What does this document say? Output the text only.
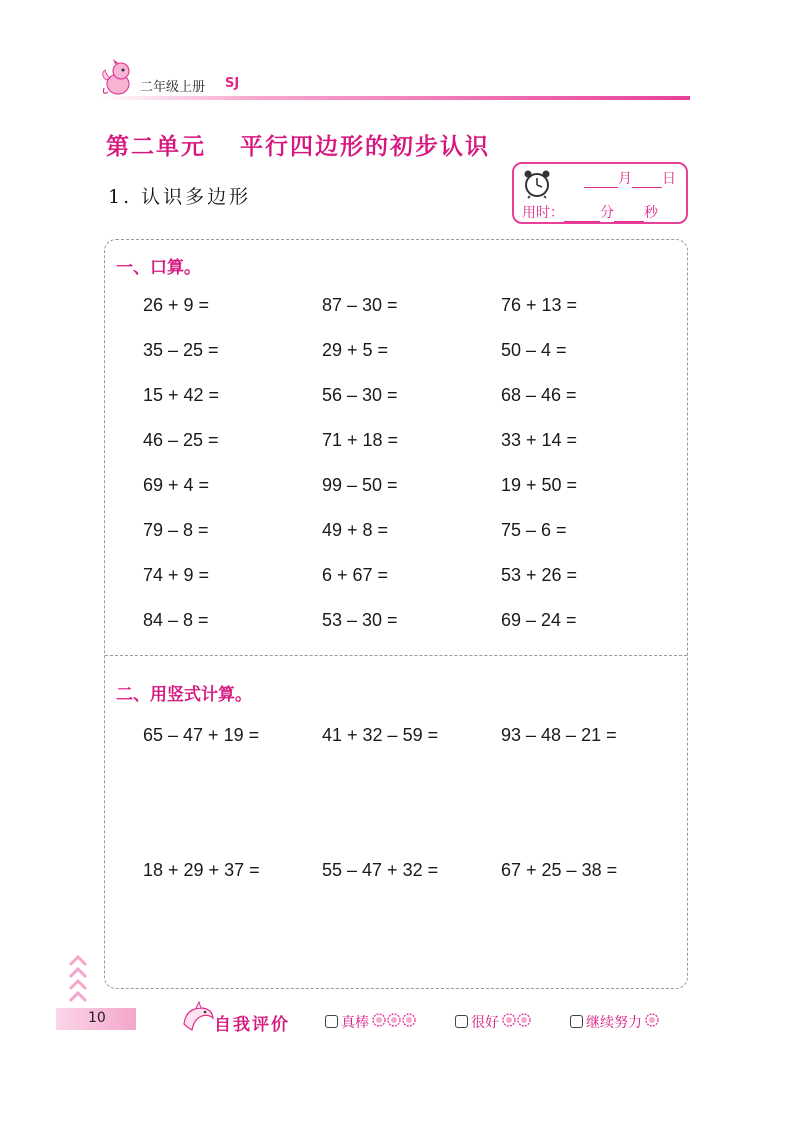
二年级上册 SJ
第二单元 平行四边形的初步认识
1. 认识多边形
月 日
用时：	分 秒
一、口算。
26 + 9 =	87 – 30 =	76 + 13 =
35 – 25 =	29 + 5 =	50 – 4 =
15 + 42 =	56 – 30 =	68 – 46 =
46 – 25 =	71 + 18 =	33 + 14 =
69 + 4 =	99 – 50 =	19 + 50 =
79 – 8 =	49 + 8 =	75 – 6 =
74 + 9 =	6 + 67 =	53 + 26 =
84 – 8 =	53 – 30 =	69 – 24 =
二、用竖式计算。
65 – 47 + 19 =	41 + 32 – 59 =	93 – 48 – 21 =
18 + 29 + 37 =	55 – 47 + 32 =	67 + 25 – 38 =
10	自我评价	真棒	很好	继续努力
